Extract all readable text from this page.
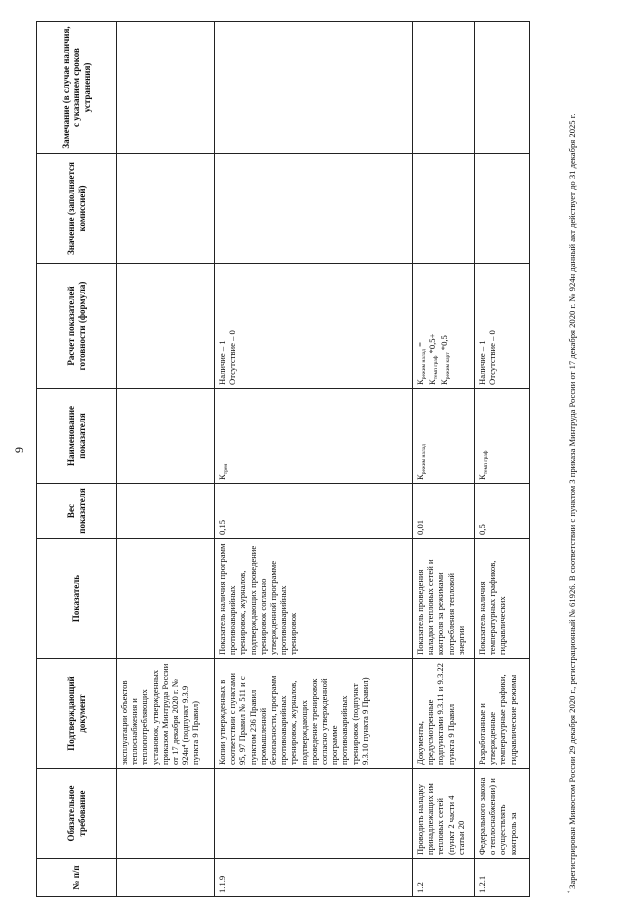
9
№ п/п	Обязательное требование	Подтверждающий документ	Показатель	Вес показателя	Наименование показателя	Расчет показателей готовности (формула)	Значение (заполняется комиссией)	Замечание (в случае наличия, с указанием сроков устранения)
		эксплуатации объектов теплоснабжения и теплопотребляющих установок, утвержденных приказом Минтруда России от 17 декабря 2020 г. № 924н⁴ (подпункт 9.3.9 пункта 9 Правил)						
1.1.9		Копии утвержденных в соответствии с пунктами 95, 97 Правил № 511 и с пунктом 236 Правил промышленной безопасности, программ противоаварийных тренировок, журналов, подтверждающих проведение тренировок согласно утвержденной программе противоаварийных тренировок (подпункт 9.3.10 пункта 9 Правил)	Показатель наличия программ противоаварийных тренировок, журналов, подтверждающих проведение тренировок согласно утвержденной программе противоаварийных тренировок	0,15	$К_{трен}$	Наличие – 1
Отсутствие – 0		
1.2	Проводить наладку принадлежащих им тепловых сетей (пункт 2 части 4 статьи 20	Документы, предусмотренные подпунктами 9.3.11 и 9.3.22 пункта 9 Правил	Показатель проведения наладки тепловых сетей и контроля за режимами потребления тепловой энергии	0,01	$К_{режим налад}$	$К_{режим налад}$ =
$К_{темп граф}$ *0,5+
$К_{режим карт}$ *0,5		

1.2.1	Федерального закона о теплоснабжении) и осуществлять контроль за	Разработанные и утвержденные температурные графики, гидравлические режимы	Показатель наличия температурных графиков, гидравлических	0,5	$К_{темп граф}$	Наличие – 1
Отсутствие – 0		
$^{^4}$ Зарегистрирован Минюстом России 29 декабря 2020 г., регистрационный № 61926. В соответствии с пунктом 3 приказа Минтруда России от 17 декабря 2020 г. № 924н данный акт действует до 31 декабря 2025 г.
